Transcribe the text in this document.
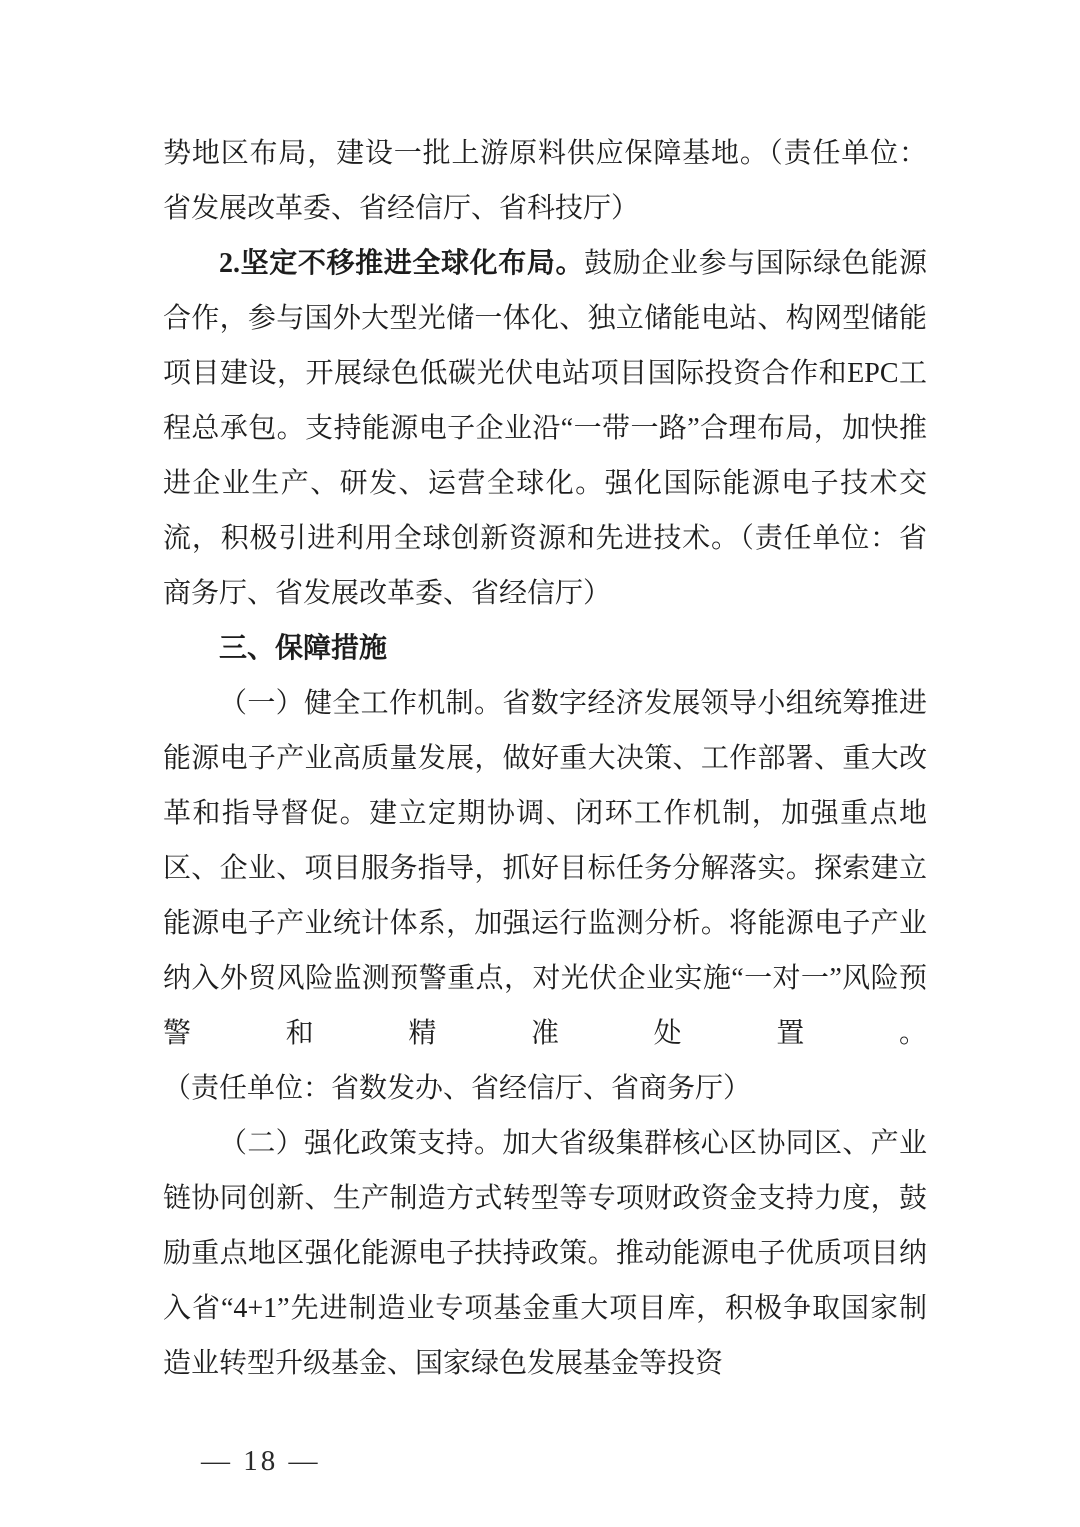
势地区布局，建设一批上游原料供应保障基地。（责任单位：省发展改革委、省经信厅、省科技厅）

2.坚定不移推进全球化布局。鼓励企业参与国际绿色能源合作，参与国外大型光储一体化、独立储能电站、构网型储能项目建设，开展绿色低碳光伏电站项目国际投资合作和EPC工程总承包。支持能源电子企业沿“一带一路”合理布局，加快推进企业生产、研发、运营全球化。强化国际能源电子技术交流，积极引进利用全球创新资源和先进技术。（责任单位：省商务厅、省发展改革委、省经信厅）

三、保障措施

（一）健全工作机制。省数字经济发展领导小组统筹推进能源电子产业高质量发展，做好重大决策、工作部署、重大改革和指导督促。建立定期协调、闭环工作机制，加强重点地区、企业、项目服务指导，抓好目标任务分解落实。探索建立能源电子产业统计体系，加强运行监测分析。将能源电子产业纳入外贸风险监测预警重点，对光伏企业实施“一对一”风险预警和精准处置。（责任单位：省数发办、省经信厅、省商务厅）

（二）强化政策支持。加大省级集群核心区协同区、产业链协同创新、生产制造方式转型等专项财政资金支持力度，鼓励重点地区强化能源电子扶持政策。推动能源电子优质项目纳入省“4+1”先进制造业专项基金重大项目库，积极争取国家制造业转型升级基金、国家绿色发展基金等投资

— 18 —
